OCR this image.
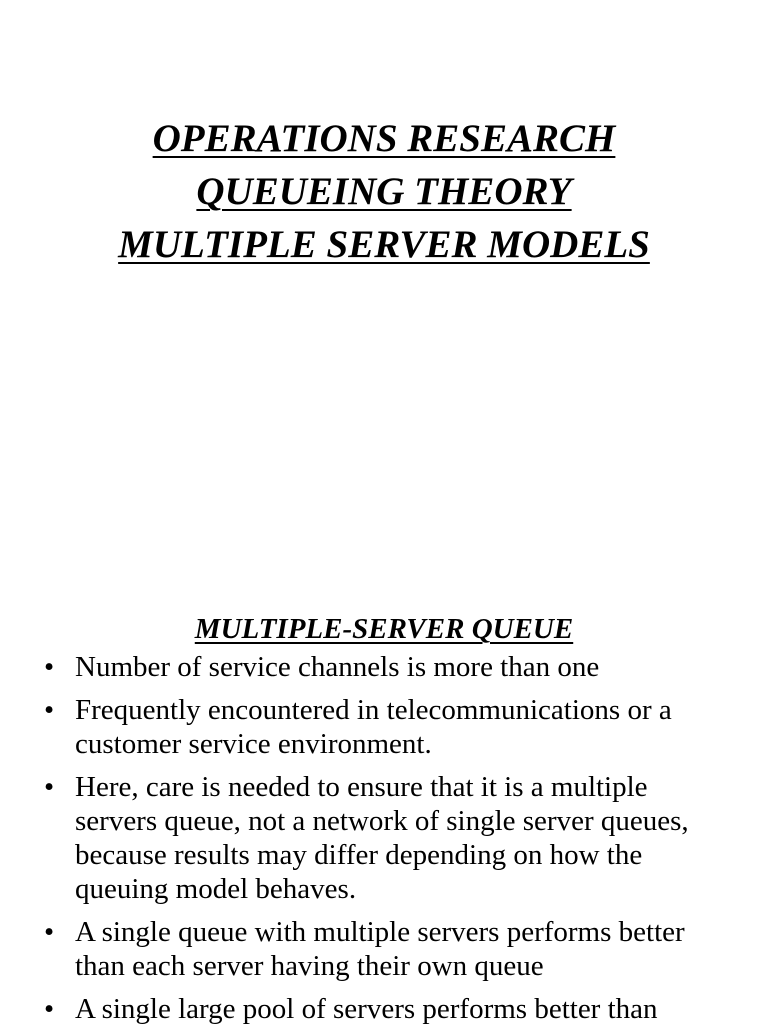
OPERATIONS RESEARCH
QUEUEING THEORY
MULTIPLE SERVER MODELS
MULTIPLE-SERVER QUEUE
• Number of service channels is more than one
• Frequently encountered in telecommunications or a customer service environment.
• Here, care is needed to ensure that it is a multiple servers queue, not a network of single server queues, because results may differ depending on how the queuing model behaves.
• A single queue with multiple servers performs better than each server having their own queue
• A single large pool of servers performs better than
